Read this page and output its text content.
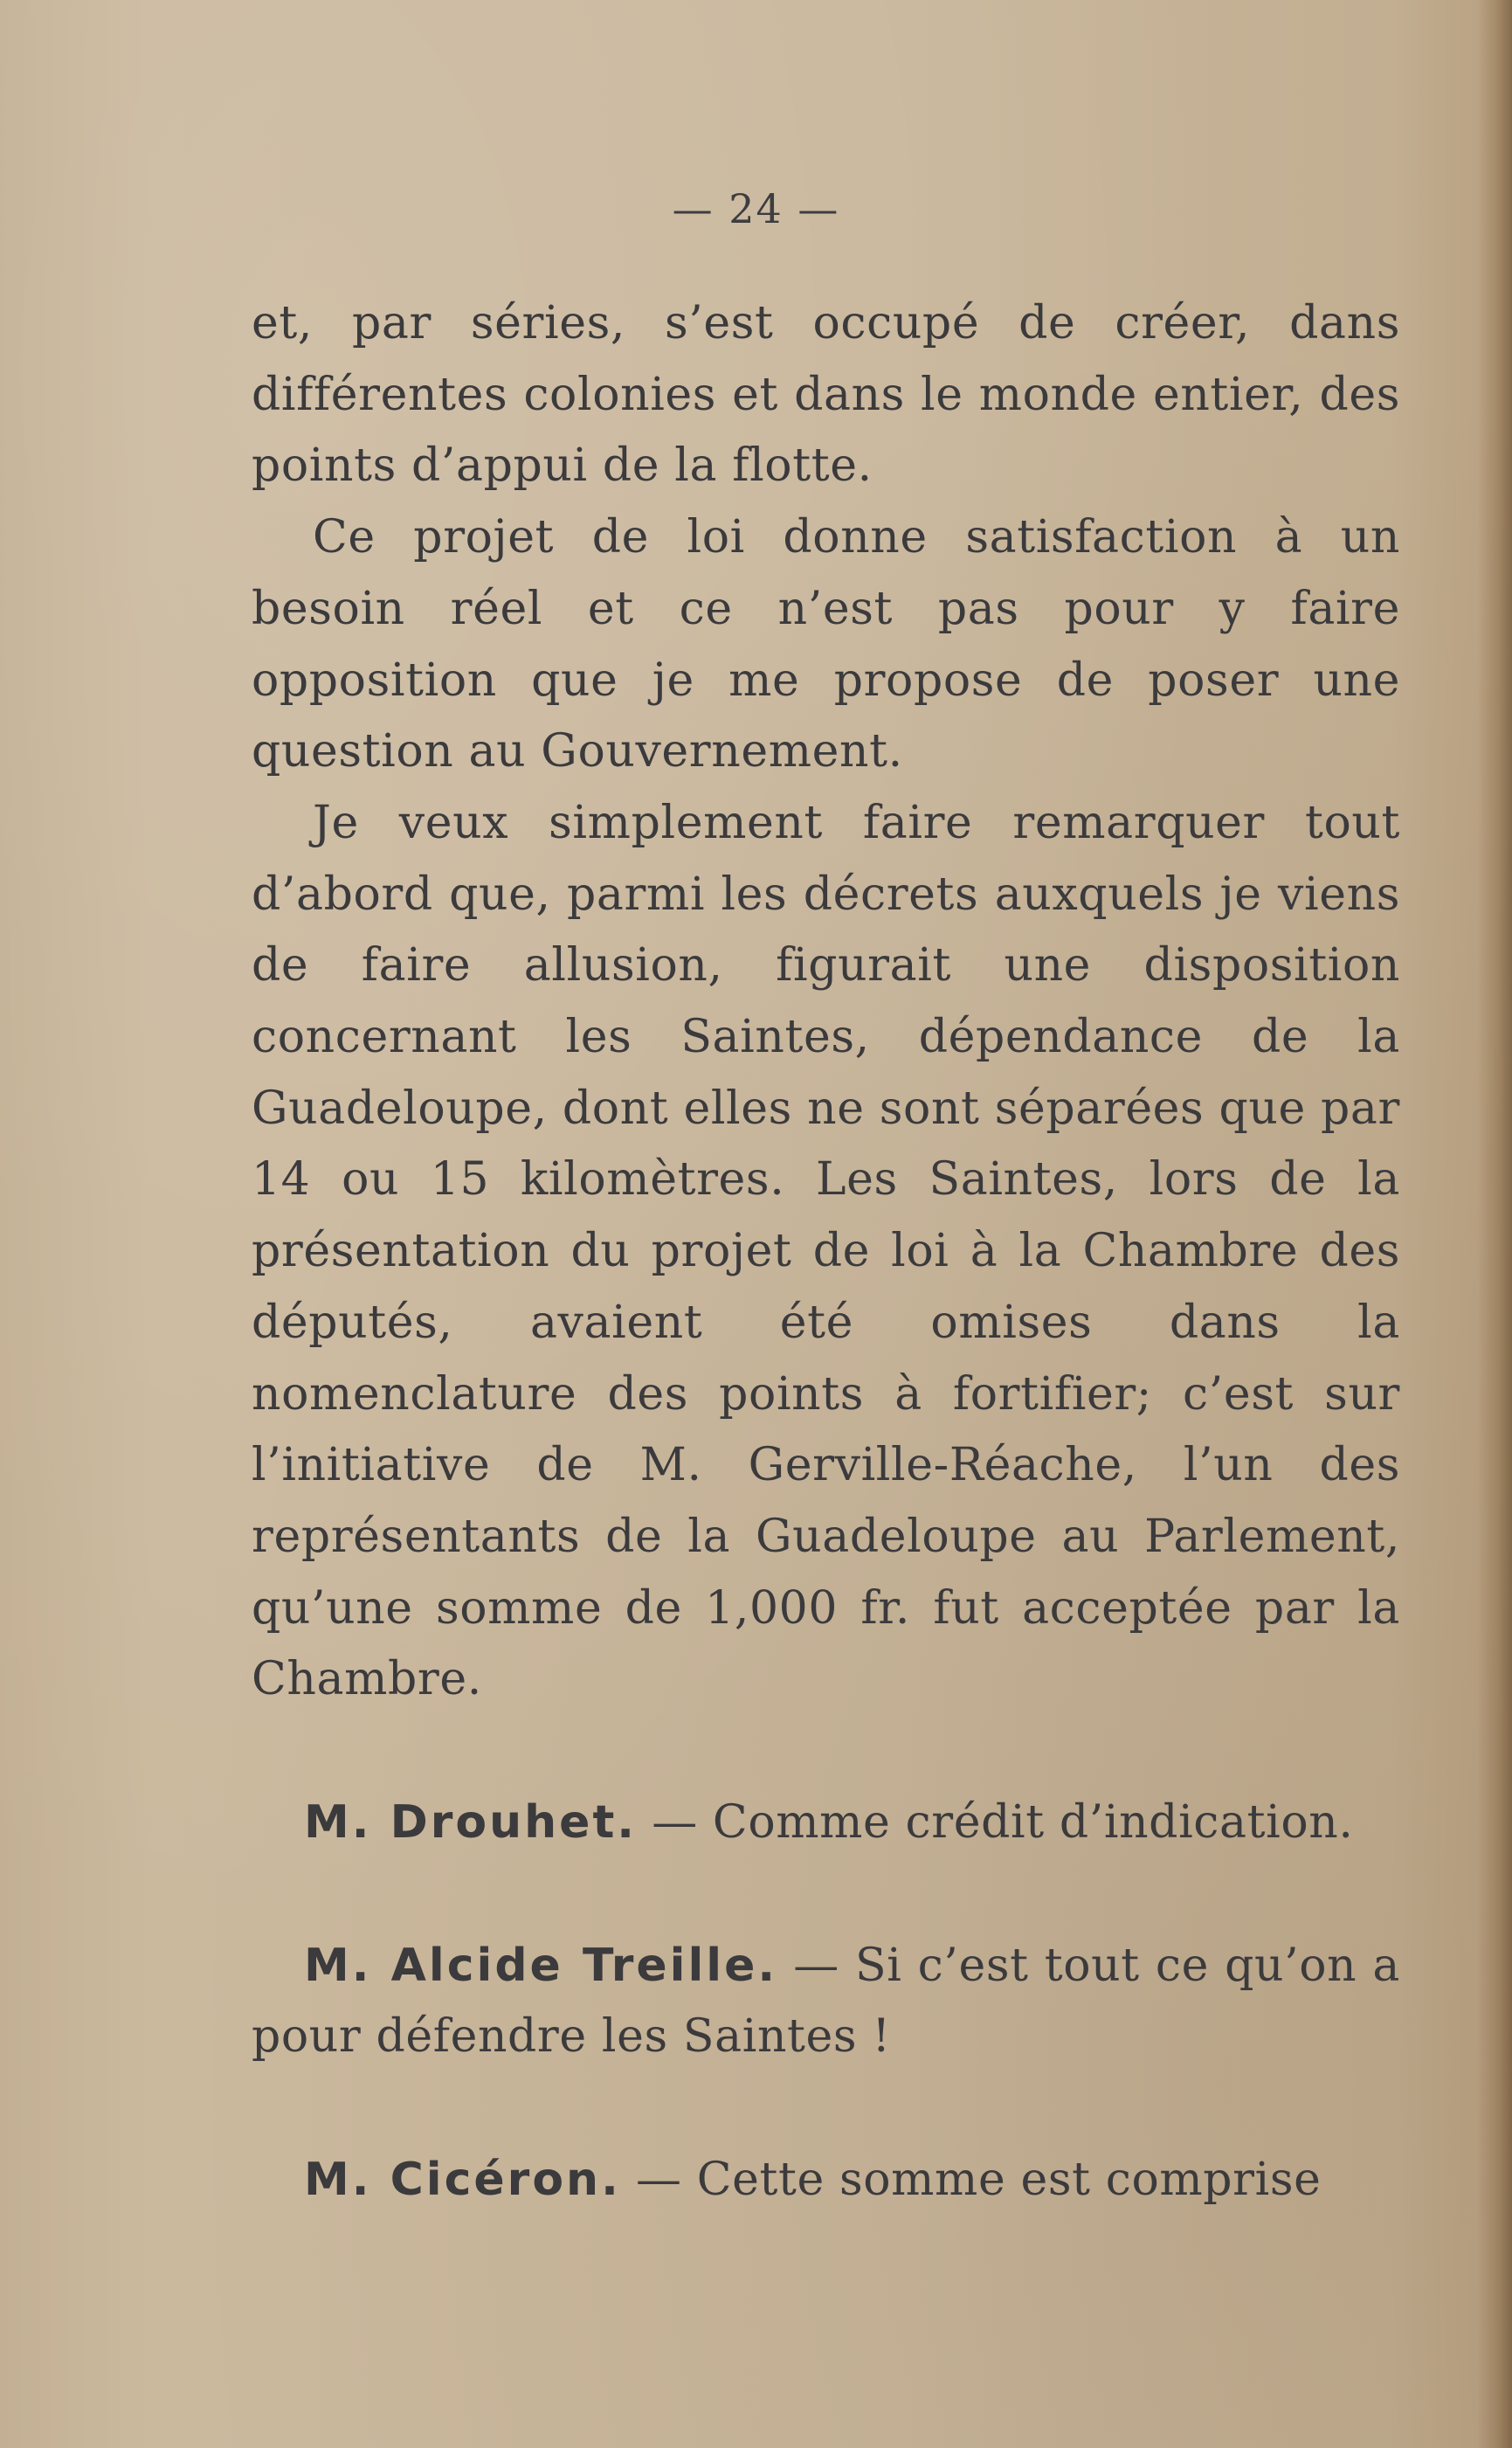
— 24 —

et, par séries, s’est occupé de créer, dans différentes colonies et dans le monde entier, des points d’appui de la flotte.

Ce projet de loi donne satisfaction à un besoin réel et ce n’est pas pour y faire opposition que je me propose de poser une question au Gouvernement.

Je veux simplement faire remarquer tout d’abord que, parmi les décrets auxquels je viens de faire allusion, figurait une disposition concernant les Saintes, dépendance de la Guadeloupe, dont elles ne sont séparées que par 14 ou 15 kilomètres. Les Saintes, lors de la présentation du projet de loi à la Chambre des députés, avaient été omises dans la nomenclature des points à fortifier; c’est sur l’initiative de M. Gerville-Réache, l’un des représentants de la Guadeloupe au Parlement, qu’une somme de 1,000 fr. fut acceptée par la Chambre.

M. Drouhet. — Comme crédit d’indication.

M. Alcide Treille. — Si c’est tout ce qu’on a pour défendre les Saintes !

M. Cicéron. — Cette somme est comprise
